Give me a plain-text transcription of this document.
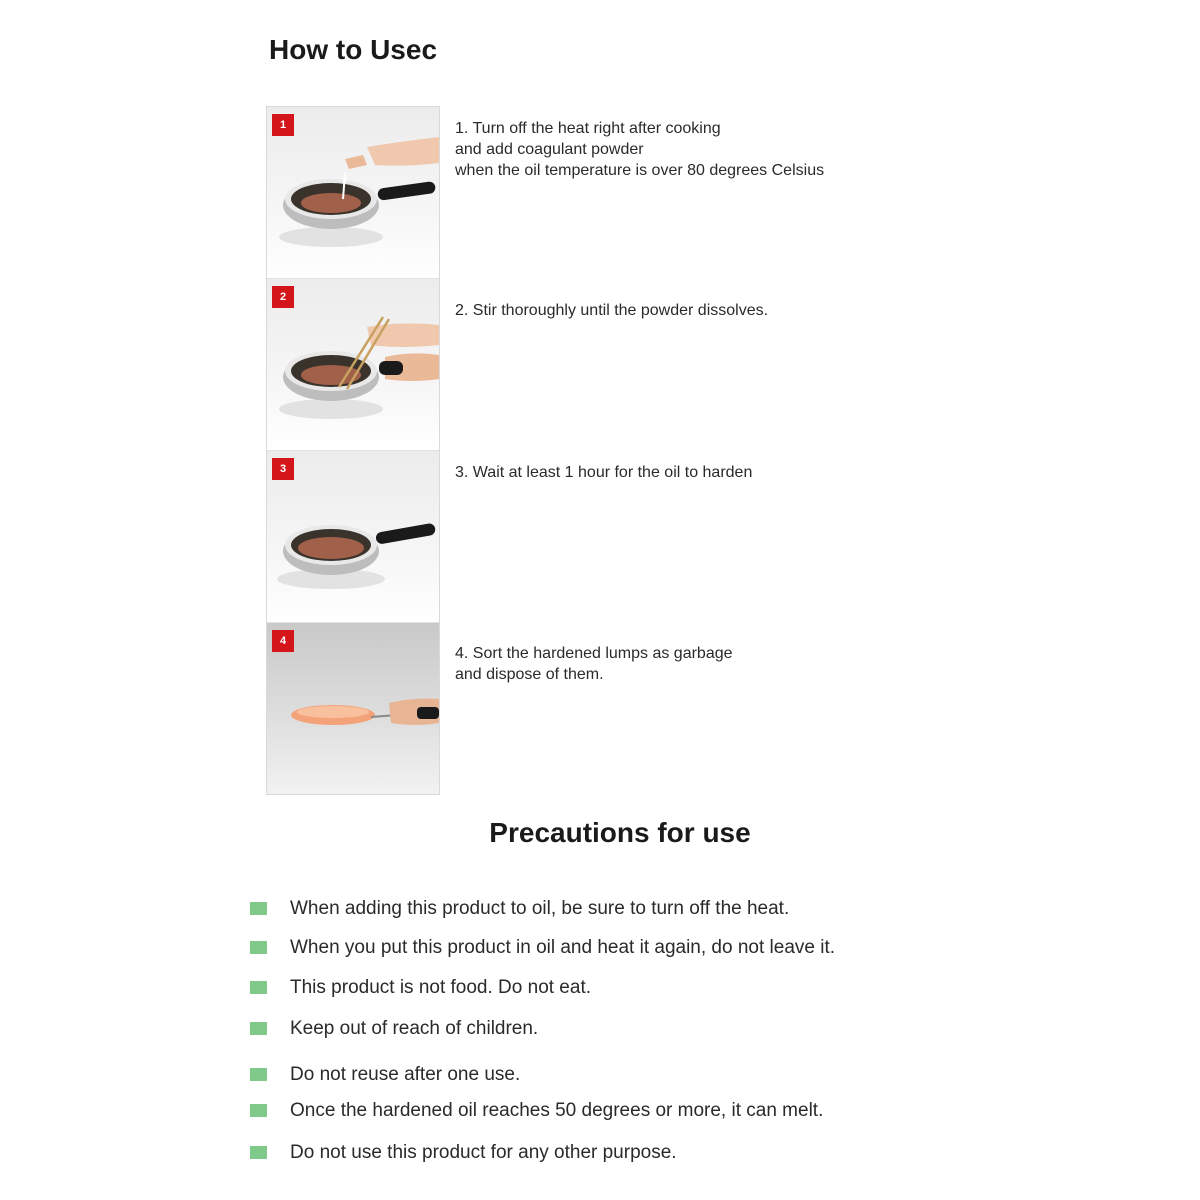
How to Usec
1
2
3
4
1. Turn off the heat right after cooking
and add coagulant powder
when the oil temperature is over 80 degrees Celsius
2. Stir thoroughly until the powder dissolves.
3. Wait at least 1 hour for the oil to harden
4. Sort the hardened lumps as garbage
and dispose of them.
Precautions for use
When adding this product to oil, be sure to turn off the heat.
When you put this product in oil and heat it again, do not leave it.
This product is not food. Do not eat.
Keep out of reach of children.
Do not reuse after one use.
Once the hardened oil reaches 50 degrees or more, it can melt.
Do not use this product for any other purpose.
